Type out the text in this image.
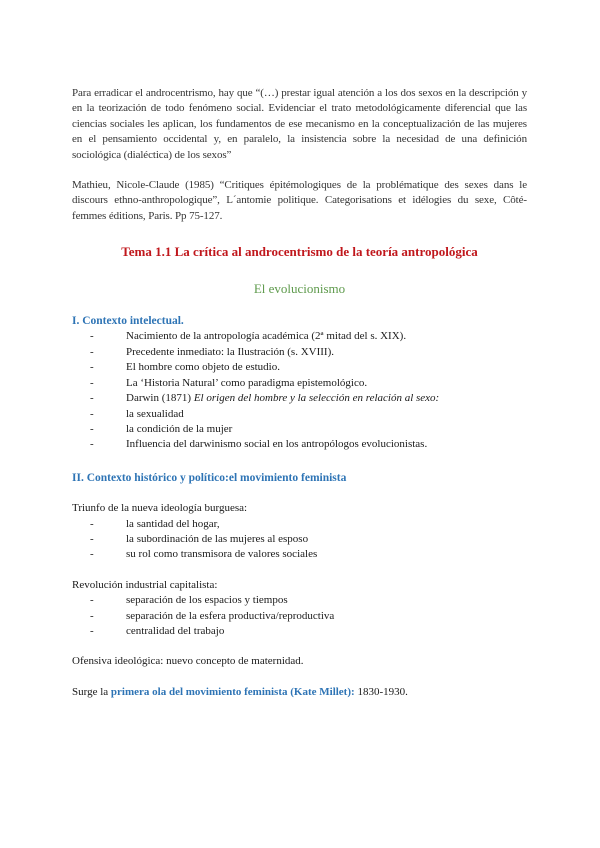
Para erradicar el androcentrismo, hay que “(…) prestar igual atención a los dos sexos en la descripción y en la teorización de todo fenómeno social. Evidenciar el trato metodológicamente diferencial que las ciencias sociales les aplican, los fundamentos de ese mecanismo en la conceptualización de las mujeres en el pensamiento occidental y, en paralelo, la insistencia sobre la necesidad de una definición sociológica (dialéctica) de los sexos”

Mathieu, Nicole-Claude (1985) “Critiques épitémologiques de la problématique des sexes dans le discours ethno-anthropologique”, L´antomie politique. Categorisations et idélogies du sexe, Côté-femmes éditions, Paris. Pp 75-127.

Tema 1.1 La crítica al androcentrismo de la teoría antropológica
El evolucionismo
I. Contexto intelectual.
- Nacimiento de la antropología académica (2ª mitad del s. XIX).
- Precedente inmediato: la Ilustración (s. XVIII).
- El hombre como objeto de estudio.
- La ‘Historia Natural’ como paradigma epistemológico.
- Darwin (1871) El origen del hombre y la selección en relación al sexo:
- la sexualidad
- la condición de la mujer
- Influencia del darwinismo social en los antropólogos evolucionistas.
II. Contexto histórico y político:el movimiento feminista
Triunfo de la nueva ideología burguesa:
- la santidad del hogar,
- la subordinación de las mujeres al esposo
- su rol como transmisora de valores sociales
Revolución industrial capitalista:
- separación de los espacios y tiempos
- separación de la esfera productiva/reproductiva
- centralidad del trabajo
Ofensiva ideológica: nuevo concepto de maternidad.
Surge la primera ola del movimiento feminista (Kate Millet): 1830-1930.
